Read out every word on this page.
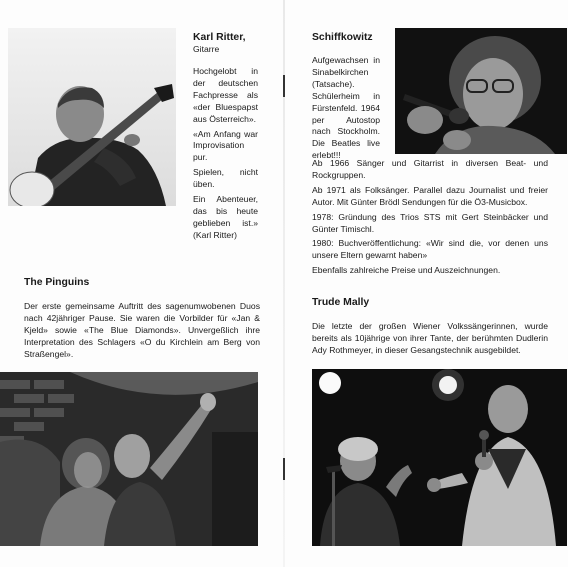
Karl Ritter,
Gitarre

Hochgelobt in der deutschen Fachpresse als «der Bluespapst aus Österreich».

«Am Anfang war Improvisation pur.

Spielen, nicht üben.

Ein Abenteuer, das bis heute geblieben ist.» (Karl Ritter)

The Pinguins
Der erste gemeinsame Auftritt des sagenumwobenen Duos nach 42jähriger Pause. Sie waren die Vorbilder für «Jan & Kjeld» sowie «The Blue Diamonds». Unvergeßlich ihre Interpretation des Schlagers «O du Kirchlein am Berg von Straßengel».
Schiffkowitz
Aufgewachsen in Sinabelkirchen (Tatsache). Schülerheim in Fürstenfeld. 1964 per Autostop nach Stockholm. Die Beatles live erlebt!!!

Ab 1966 Sänger und Gitarrist in diversen Beat- und Rockgruppen.

Ab 1971 als Folksänger. Parallel dazu Journalist und freier Autor. Mit Günter Brödl Sendungen für die Ö3-Musicbox.

1978: Gründung des Trios STS mit Gert Steinbäcker und Günter Timischl.

1980: Buchveröffentlichung: «Wir sind die, vor denen uns unsere Eltern gewarnt haben»

Ebenfalls zahlreiche Preise und Auszeichnungen.

Trude Mally
Die letzte der großen Wiener Volkssängerinnen, wurde bereits als 10jährige von ihrer Tante, der berühmten Dudlerin Ady Rothmeyer, in dieser Gesangstechnik ausgebildet.
